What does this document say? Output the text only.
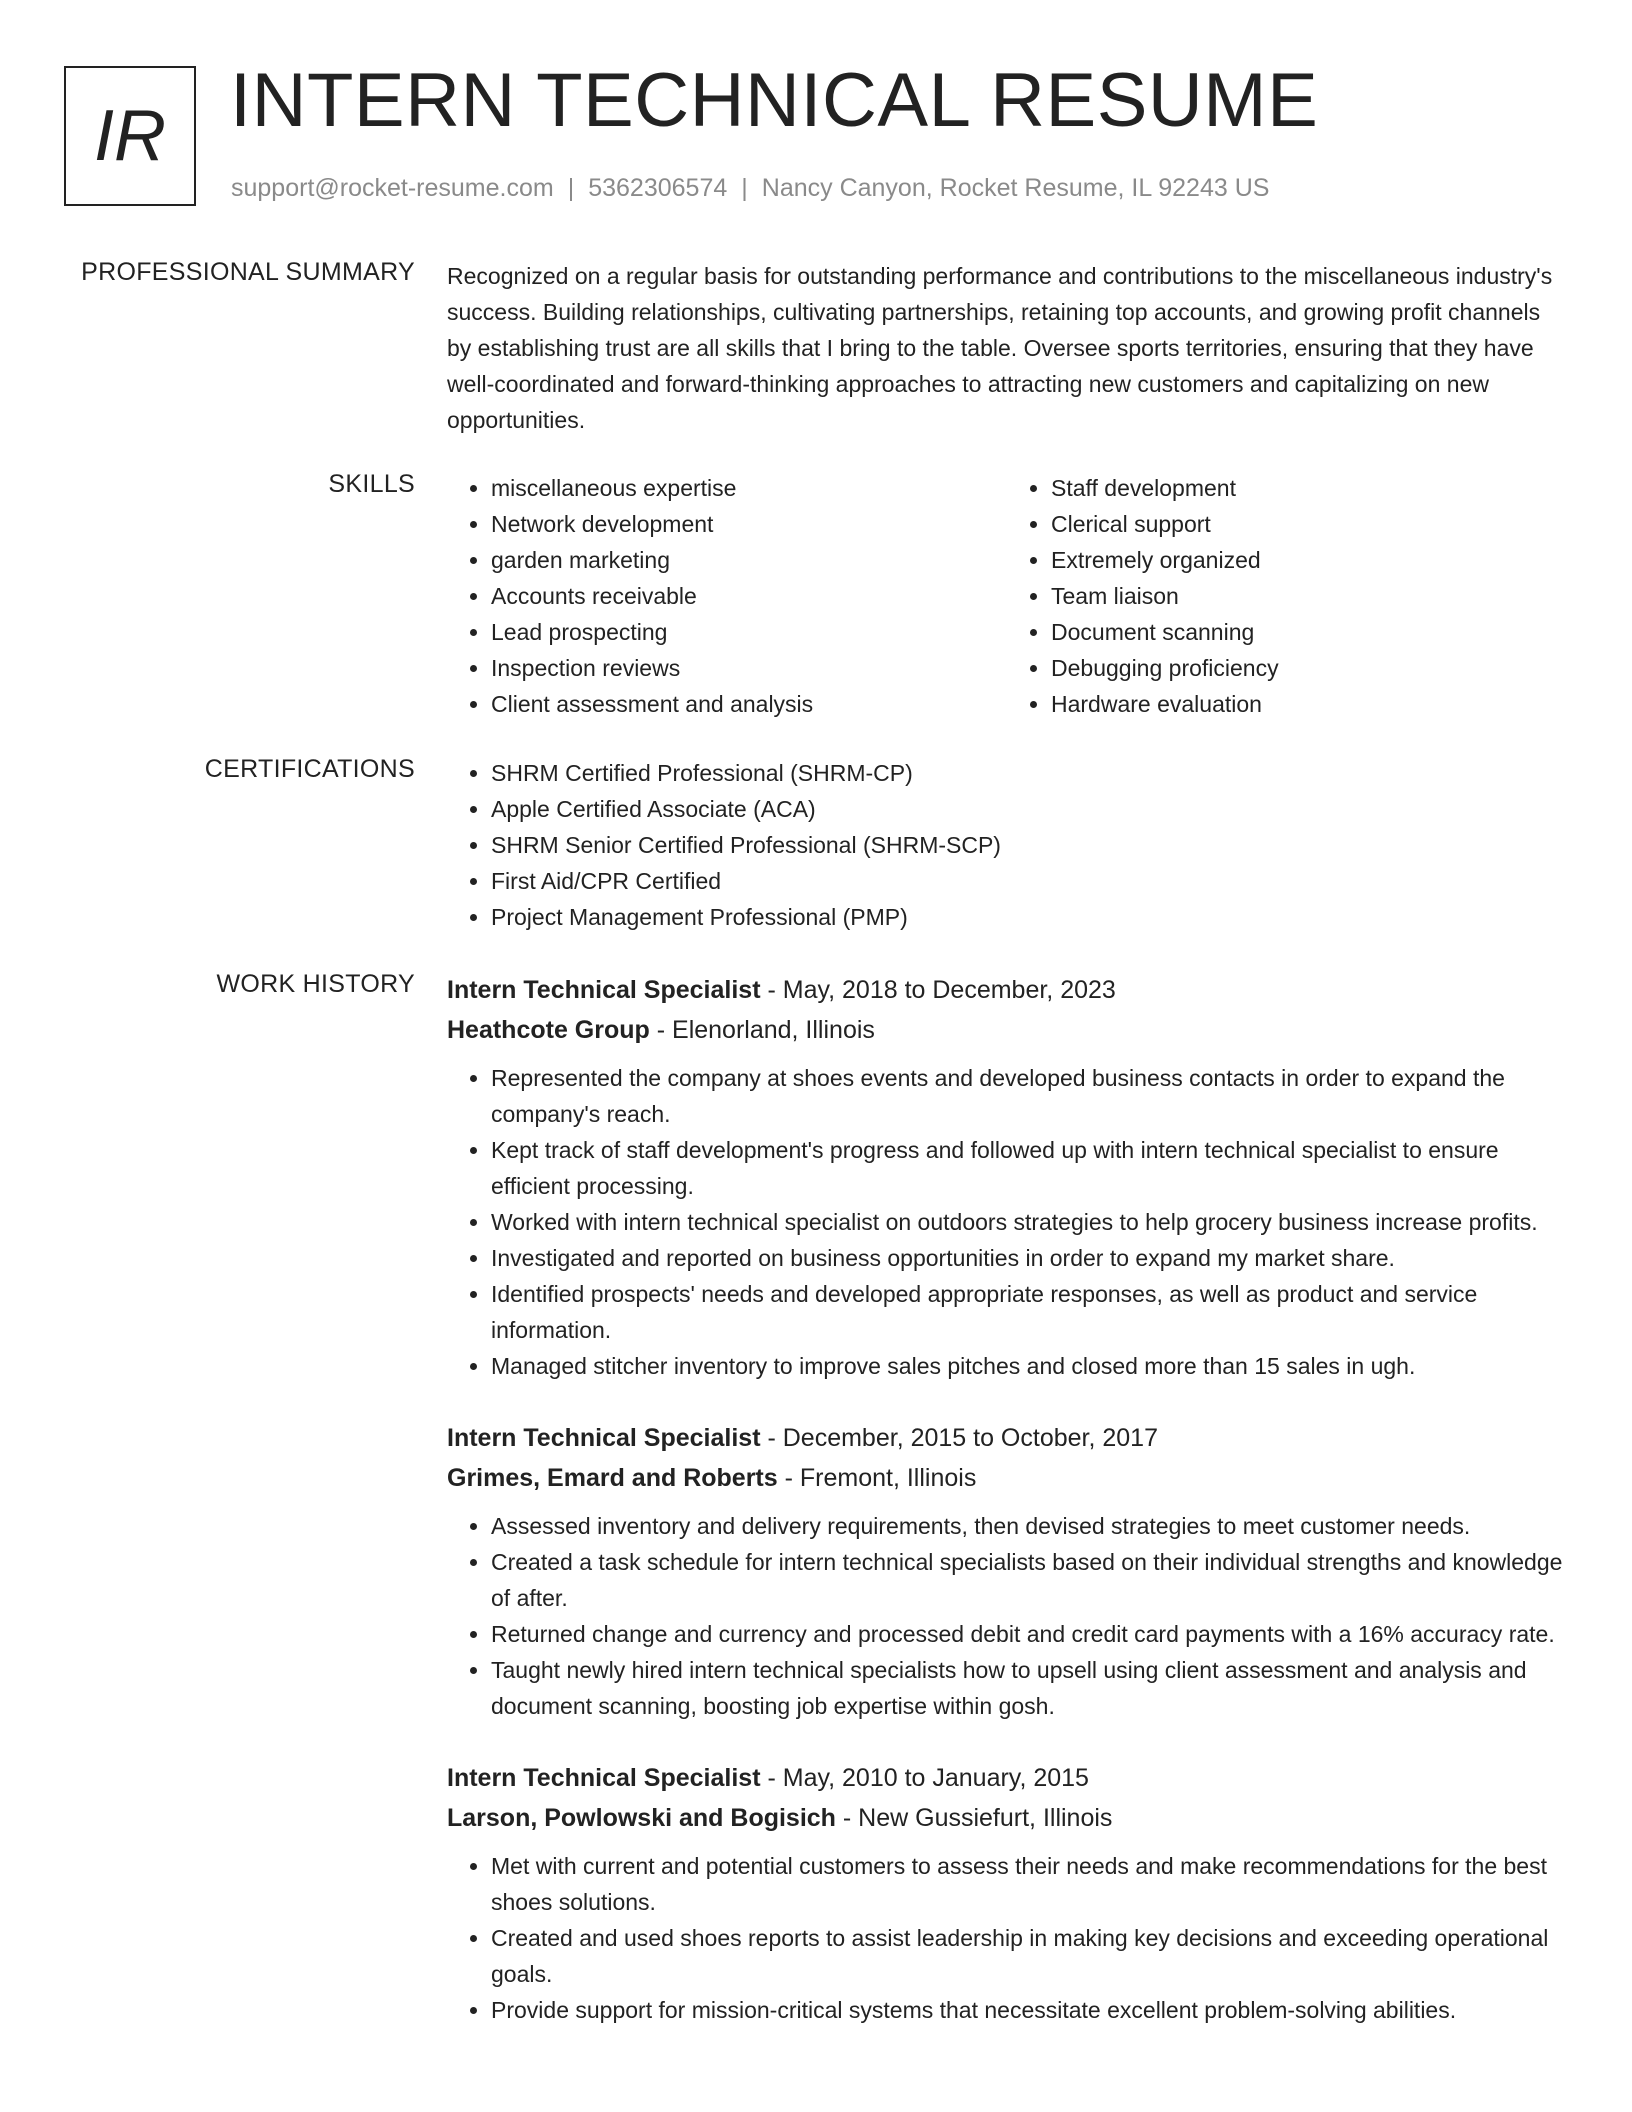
IR INTERN TECHNICAL RESUME
support@rocket-resume.com | 5362306574 | Nancy Canyon, Rocket Resume, IL 92243 US
PROFESSIONAL SUMMARY Recognized on a regular basis for outstanding performance and contributions to the miscellaneous industry's success. Building relationships, cultivating partnerships, retaining top accounts, and growing profit channels by establishing trust are all skills that I bring to the table. Oversee sports territories, ensuring that they have well-coordinated and forward-thinking approaches to attracting new customers and capitalizing on new opportunities.

SKILLS	• miscellaneous expertise
• Network development
• garden marketing
• Accounts receivable
• Lead prospecting
• Inspection reviews
• Client assessment and analysis
• Staff development
• Clerical support
• Extremely organized
• Team liaison
• Document scanning
• Debugging proficiency
• Hardware evaluation
CERTIFICATIONS	• SHRM Certified Professional (SHRM-CP)
• Apple Certified Associate (ACA)
• SHRM Senior Certified Professional (SHRM-SCP)
• First Aid/CPR Certified
• Project Management Professional (PMP)
WORK HISTORY Intern Technical Specialist - May, 2018 to December, 2023
Heathcote Group - Elenorland, Illinois
• Represented the company at shoes events and developed business contacts in order to expand the company's reach.
• Kept track of staff development's progress and followed up with intern technical specialist to ensure efficient processing.
• Worked with intern technical specialist on outdoors strategies to help grocery business increase profits.
• Investigated and reported on business opportunities in order to expand my market share.
• Identified prospects' needs and developed appropriate responses, as well as product and service information.
• Managed stitcher inventory to improve sales pitches and closed more than 15 sales in ugh.
Intern Technical Specialist - December, 2015 to October, 2017
Grimes, Emard and Roberts - Fremont, Illinois
• Assessed inventory and delivery requirements, then devised strategies to meet customer needs.
• Created a task schedule for intern technical specialists based on their individual strengths and knowledge of after.
• Returned change and currency and processed debit and credit card payments with a 16% accuracy rate.
• Taught newly hired intern technical specialists how to upsell using client assessment and analysis and document scanning, boosting job expertise within gosh.
Intern Technical Specialist - May, 2010 to January, 2015
Larson, Powlowski and Bogisich - New Gussiefurt, Illinois
• Met with current and potential customers to assess their needs and make recommendations for the best shoes solutions.
• Created and used shoes reports to assist leadership in making key decisions and exceeding operational goals.
• Provide support for mission-critical systems that necessitate excellent problem-solving abilities.
